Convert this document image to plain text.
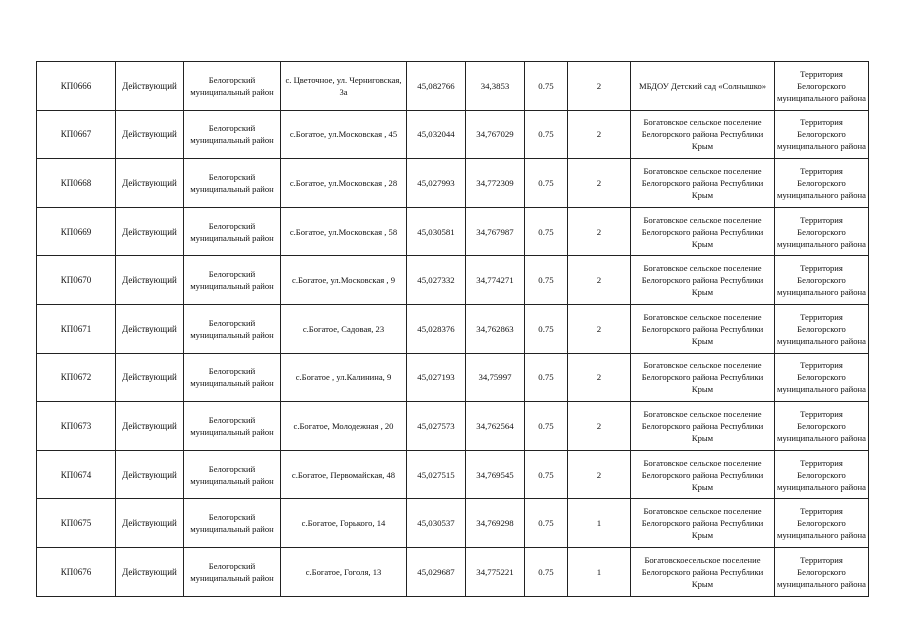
КП0666	Действующий	Белогорский муниципальный район	с. Цветочное, ул. Черниговская, 3а	45,082766	34,3853	0.75	2	МБДОУ Детский сад «Солнышко»	Территория Белогорского муниципального района
КП0667	Действующий	Белогорский муниципальный район	с.Богатое, ул.Московская , 45	45,032044	34,767029	0.75	2	Богатовское сельское поселение Белогорского района Республики Крым	Территория Белогорского муниципального района
КП0668	Действующий	Белогорский муниципальный район	с.Богатое, ул.Московская , 28	45,027993	34,772309	0.75	2	Богатовское сельское поселение Белогорского района Республики Крым	Территория Белогорского муниципального района
КП0669	Действующий	Белогорский муниципальный район	с.Богатое, ул.Московская , 58	45,030581	34,767987	0.75	2	Богатовское сельское поселение Белогорского района Республики Крым	Территория Белогорского муниципального района
КП0670	Действующий	Белогорский муниципальный район	с.Богатое, ул.Московская , 9	45,027332	34,774271	0.75	2	Богатовское сельское поселение Белогорского района Республики Крым	Территория Белогорского муниципального района
КП0671	Действующий	Белогорский муниципальный район	с.Богатое, Садовая, 23	45,028376	34,762863	0.75	2	Богатовское сельское поселение Белогорского района Республики Крым	Территория Белогорского муниципального района
КП0672	Действующий	Белогорский муниципальный район	с.Богатое , ул.Калинина, 9	45,027193	34,75997	0.75	2	Богатовское сельское поселение Белогорского района Республики Крым	Территория Белогорского муниципального района
КП0673	Действующий	Белогорский муниципальный район	с.Богатое, Молодежная , 20	45,027573	34,762564	0.75	2	Богатовское сельское поселение Белогорского района Республики Крым	Территория Белогорского муниципального района
КП0674	Действующий	Белогорский муниципальный район	с.Богатое, Первомайская, 48	45,027515	34,769545	0.75	2	Богатовское сельское поселение Белогорского района Республики Крым	Территория Белогорского муниципального района
КП0675	Действующий	Белогорский муниципальный район	с.Богатое, Горького, 14	45,030537	34,769298	0.75	1	Богатовское сельское поселение Белогорского района Республики Крым	Территория Белогорского муниципального района
КП0676	Действующий	Белогорский муниципальный район	с.Богатое, Гоголя, 13	45,029687	34,775221	0.75	1	Богатовскоесельское поселение Белогорского района Республики Крым	Территория Белогорского муниципального района
